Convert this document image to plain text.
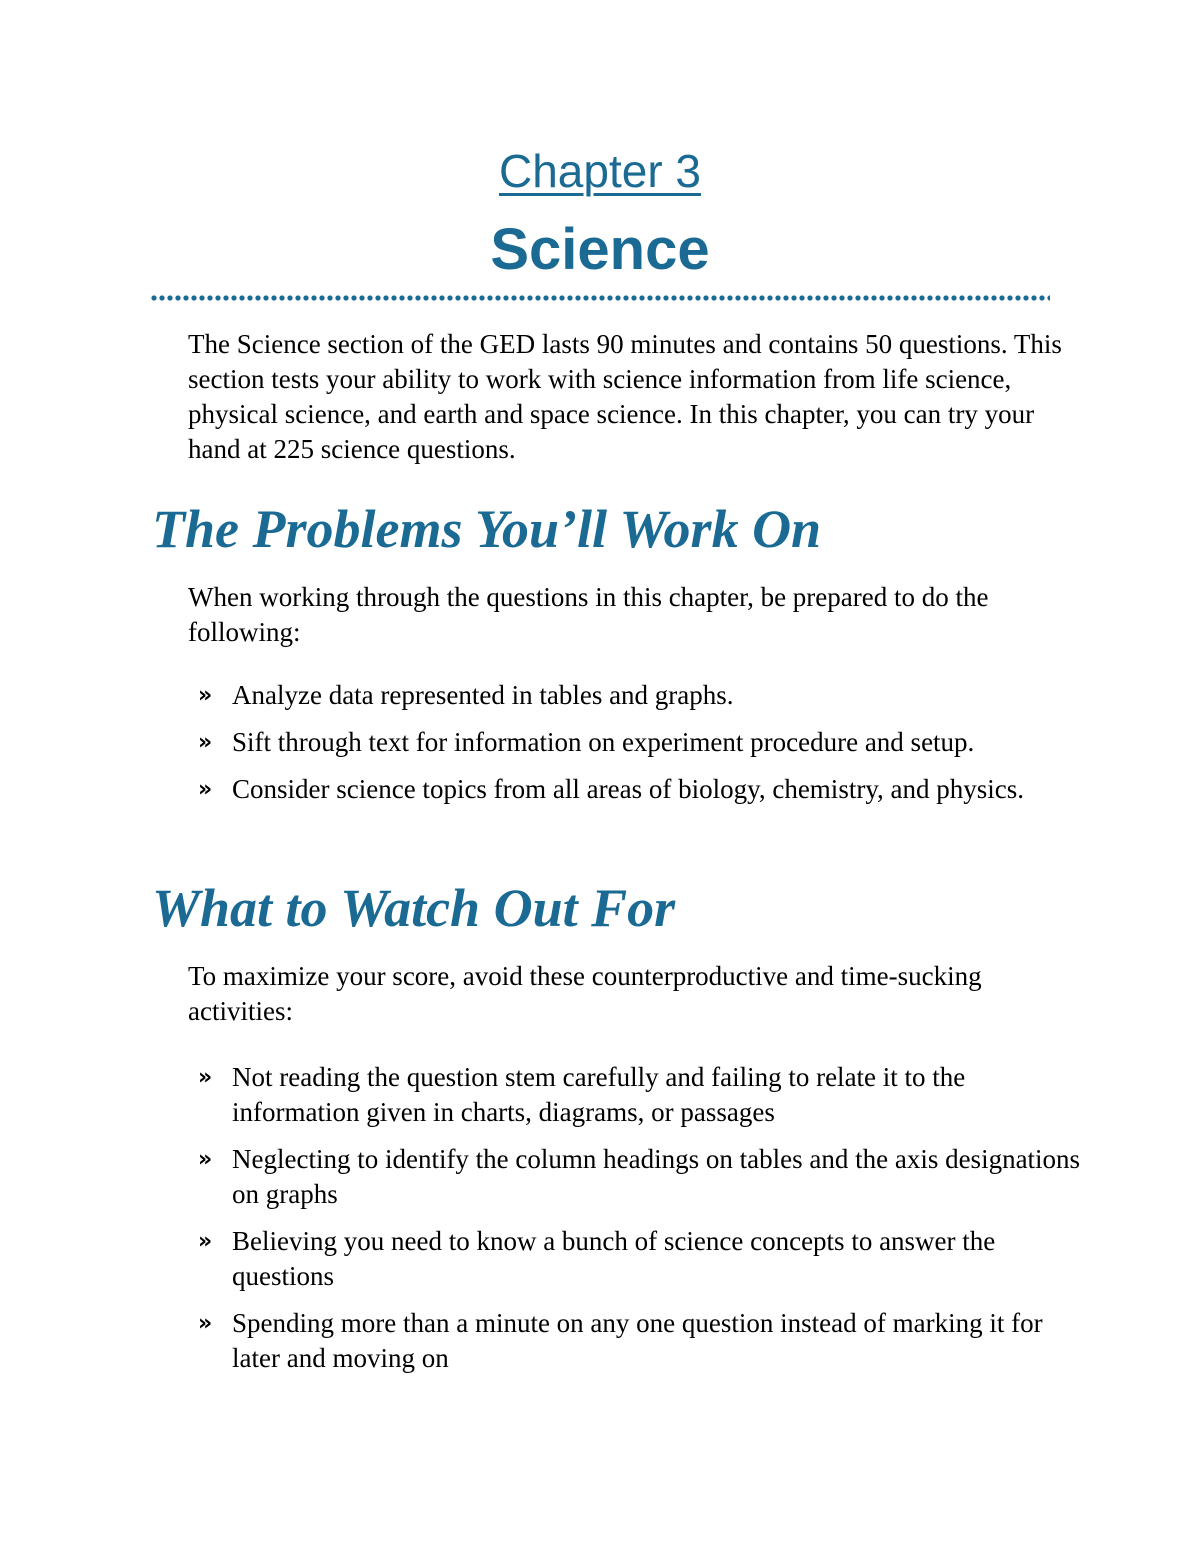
Chapter 3
Science

The Science section of the GED lasts 90 minutes and contains 50 questions. This section tests your ability to work with science information from life science, physical science, and earth and space science. In this chapter, you can try your hand at 225 science questions.

The Problems You’ll Work On

When working through the questions in this chapter, be prepared to do the following:

» Analyze data represented in tables and graphs.
» Sift through text for information on experiment procedure and setup.
» Consider science topics from all areas of biology, chemistry, and physics.
What to Watch Out For

To maximize your score, avoid these counterproductive and time-sucking activities:

» Not reading the question stem carefully and failing to relate it to the information given in charts, diagrams, or passages
» Neglecting to identify the column headings on tables and the axis designations on graphs
» Believing you need to know a bunch of science concepts to answer the questions
» Spending more than a minute on any one question instead of marking it for later and moving on
